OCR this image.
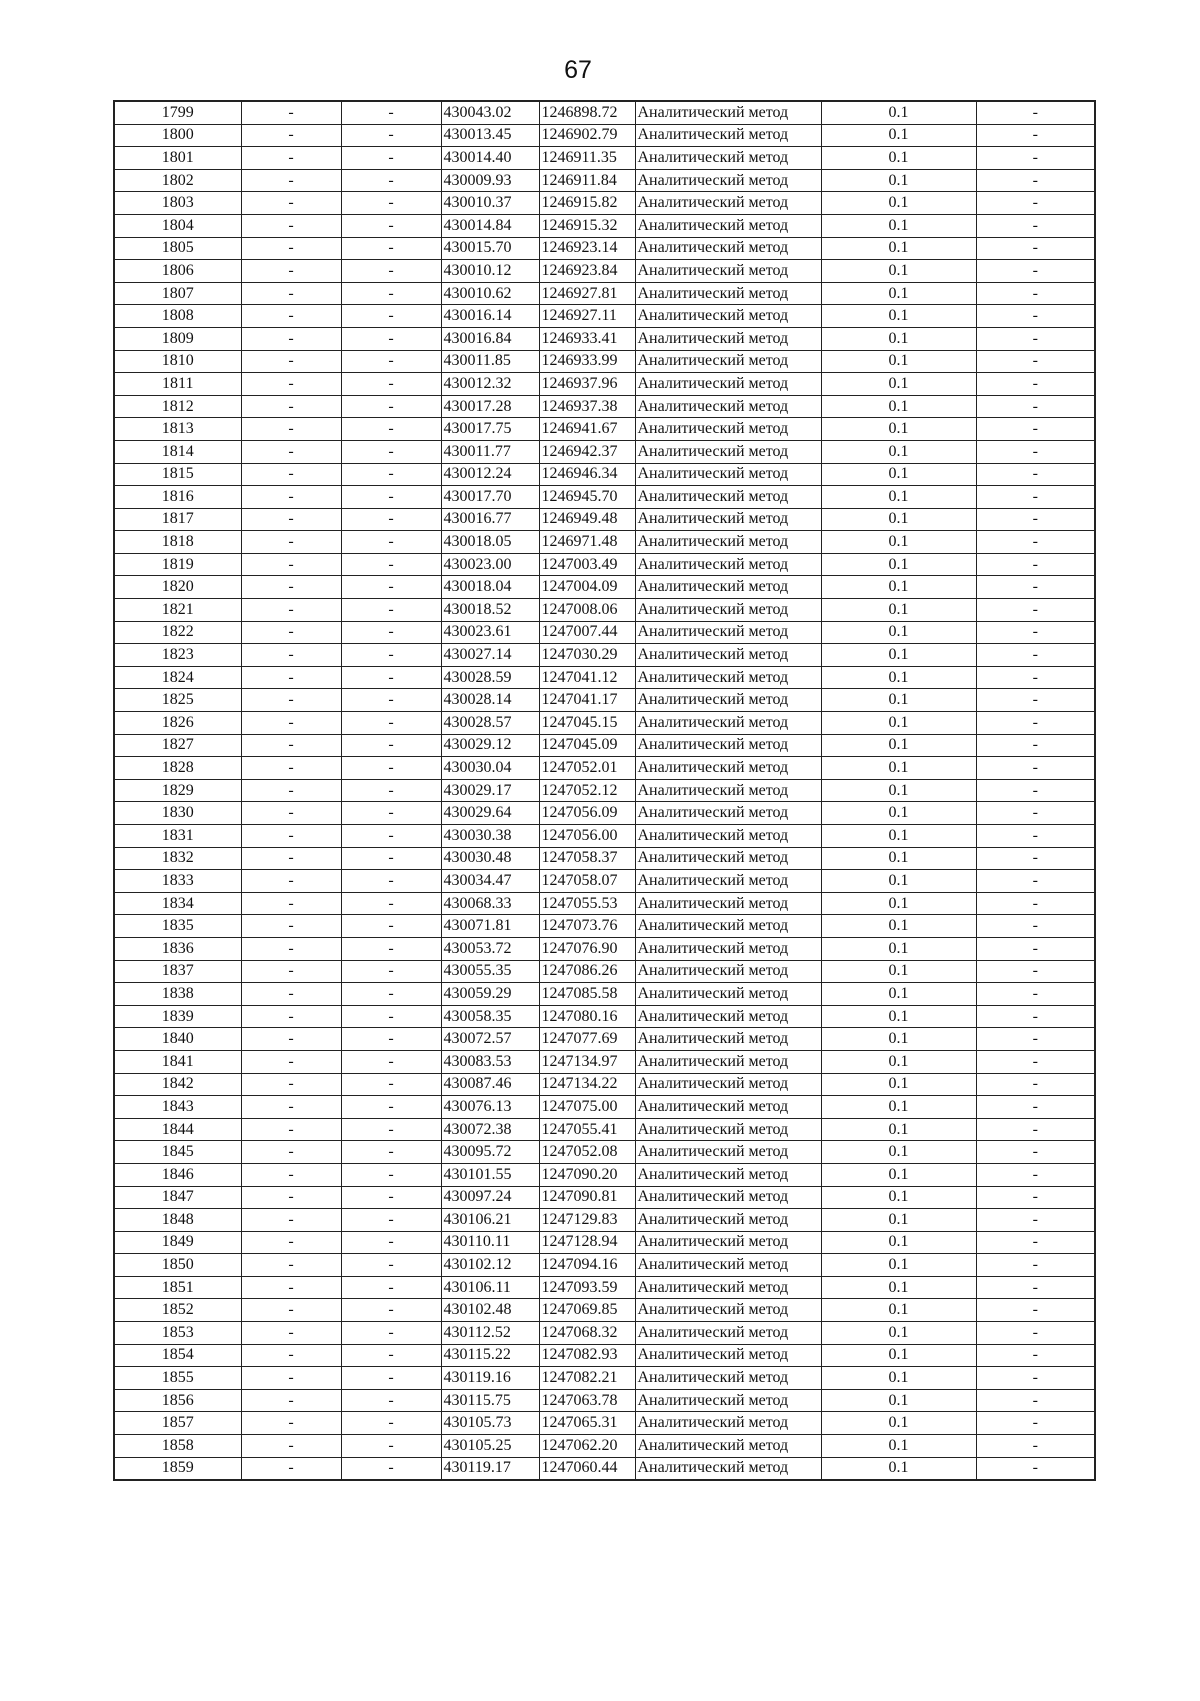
67
1799	-	-	430043.02	1246898.72	Аналитический метод	0.1	-
1800	-	-	430013.45	1246902.79	Аналитический метод	0.1	-
1801	-	-	430014.40	1246911.35	Аналитический метод	0.1	-
1802	-	-	430009.93	1246911.84	Аналитический метод	0.1	-
1803	-	-	430010.37	1246915.82	Аналитический метод	0.1	-
1804	-	-	430014.84	1246915.32	Аналитический метод	0.1	-
1805	-	-	430015.70	1246923.14	Аналитический метод	0.1	-
1806	-	-	430010.12	1246923.84	Аналитический метод	0.1	-
1807	-	-	430010.62	1246927.81	Аналитический метод	0.1	-
1808	-	-	430016.14	1246927.11	Аналитический метод	0.1	-
1809	-	-	430016.84	1246933.41	Аналитический метод	0.1	-
1810	-	-	430011.85	1246933.99	Аналитический метод	0.1	-
1811	-	-	430012.32	1246937.96	Аналитический метод	0.1	-
1812	-	-	430017.28	1246937.38	Аналитический метод	0.1	-
1813	-	-	430017.75	1246941.67	Аналитический метод	0.1	-
1814	-	-	430011.77	1246942.37	Аналитический метод	0.1	-
1815	-	-	430012.24	1246946.34	Аналитический метод	0.1	-
1816	-	-	430017.70	1246945.70	Аналитический метод	0.1	-
1817	-	-	430016.77	1246949.48	Аналитический метод	0.1	-
1818	-	-	430018.05	1246971.48	Аналитический метод	0.1	-
1819	-	-	430023.00	1247003.49	Аналитический метод	0.1	-
1820	-	-	430018.04	1247004.09	Аналитический метод	0.1	-
1821	-	-	430018.52	1247008.06	Аналитический метод	0.1	-
1822	-	-	430023.61	1247007.44	Аналитический метод	0.1	-
1823	-	-	430027.14	1247030.29	Аналитический метод	0.1	-
1824	-	-	430028.59	1247041.12	Аналитический метод	0.1	-
1825	-	-	430028.14	1247041.17	Аналитический метод	0.1	-
1826	-	-	430028.57	1247045.15	Аналитический метод	0.1	-
1827	-	-	430029.12	1247045.09	Аналитический метод	0.1	-
1828	-	-	430030.04	1247052.01	Аналитический метод	0.1	-
1829	-	-	430029.17	1247052.12	Аналитический метод	0.1	-
1830	-	-	430029.64	1247056.09	Аналитический метод	0.1	-
1831	-	-	430030.38	1247056.00	Аналитический метод	0.1	-
1832	-	-	430030.48	1247058.37	Аналитический метод	0.1	-
1833	-	-	430034.47	1247058.07	Аналитический метод	0.1	-
1834	-	-	430068.33	1247055.53	Аналитический метод	0.1	-
1835	-	-	430071.81	1247073.76	Аналитический метод	0.1	-
1836	-	-	430053.72	1247076.90	Аналитический метод	0.1	-
1837	-	-	430055.35	1247086.26	Аналитический метод	0.1	-
1838	-	-	430059.29	1247085.58	Аналитический метод	0.1	-
1839	-	-	430058.35	1247080.16	Аналитический метод	0.1	-
1840	-	-	430072.57	1247077.69	Аналитический метод	0.1	-
1841	-	-	430083.53	1247134.97	Аналитический метод	0.1	-
1842	-	-	430087.46	1247134.22	Аналитический метод	0.1	-
1843	-	-	430076.13	1247075.00	Аналитический метод	0.1	-
1844	-	-	430072.38	1247055.41	Аналитический метод	0.1	-
1845	-	-	430095.72	1247052.08	Аналитический метод	0.1	-
1846	-	-	430101.55	1247090.20	Аналитический метод	0.1	-
1847	-	-	430097.24	1247090.81	Аналитический метод	0.1	-
1848	-	-	430106.21	1247129.83	Аналитический метод	0.1	-
1849	-	-	430110.11	1247128.94	Аналитический метод	0.1	-
1850	-	-	430102.12	1247094.16	Аналитический метод	0.1	-
1851	-	-	430106.11	1247093.59	Аналитический метод	0.1	-
1852	-	-	430102.48	1247069.85	Аналитический метод	0.1	-
1853	-	-	430112.52	1247068.32	Аналитический метод	0.1	-
1854	-	-	430115.22	1247082.93	Аналитический метод	0.1	-
1855	-	-	430119.16	1247082.21	Аналитический метод	0.1	-
1856	-	-	430115.75	1247063.78	Аналитический метод	0.1	-
1857	-	-	430105.73	1247065.31	Аналитический метод	0.1	-
1858	-	-	430105.25	1247062.20	Аналитический метод	0.1	-
1859	-	-	430119.17	1247060.44	Аналитический метод	0.1	-
